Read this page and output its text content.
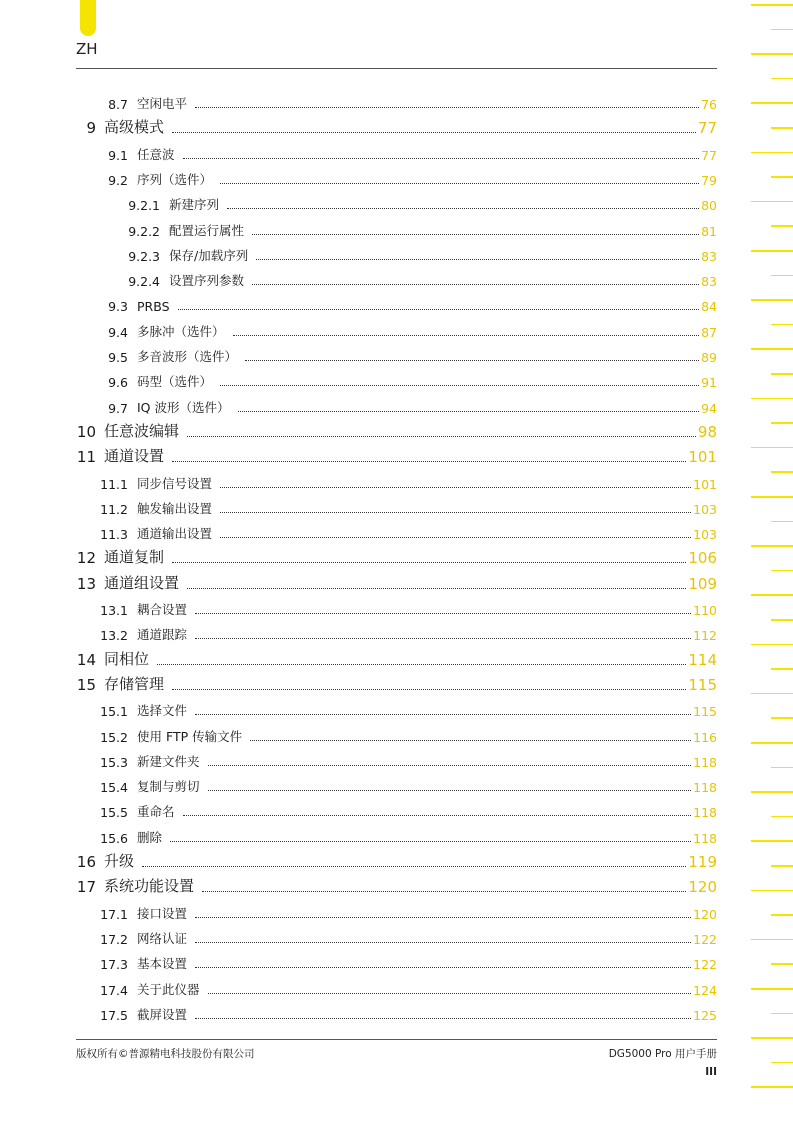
ZH
8.7 空闲电平	76
9 高级模式	77
9.1 任意波	77
9.2 序列（选件）	79
9.2.1 新建序列	80
9.2.2 配置运行属性	81
9.2.3 保存/加载序列	83
9.2.4 设置序列参数	83
9.3 PRBS	84
9.4 多脉冲（选件）	87
9.5 多音波形（选件）	89
9.6 码型（选件）	91
9.7 IQ 波形（选件）	94
10 任意波编辑	98
11 通道设置	101
11.1 同步信号设置	101
11.2 触发输出设置	103
11.3 通道输出设置	103
12 通道复制	106
13 通道组设置	109
13.1 耦合设置	110
13.2 通道跟踪	112
14 同相位	114
15 存储管理	115
15.1 选择文件	115
15.2 使用 FTP 传输文件	116
15.3 新建文件夹	118
15.4 复制与剪切	118
15.5 重命名	118
15.6 删除	118
16 升级	119
17 系统功能设置	120
17.1 接口设置	120
17.2 网络认证	122
17.3 基本设置	122
17.4 关于此仪器	124
17.5 截屏设置	125
版权所有©普源精电科技股份有限公司	DG5000 Pro 用户手册
III
